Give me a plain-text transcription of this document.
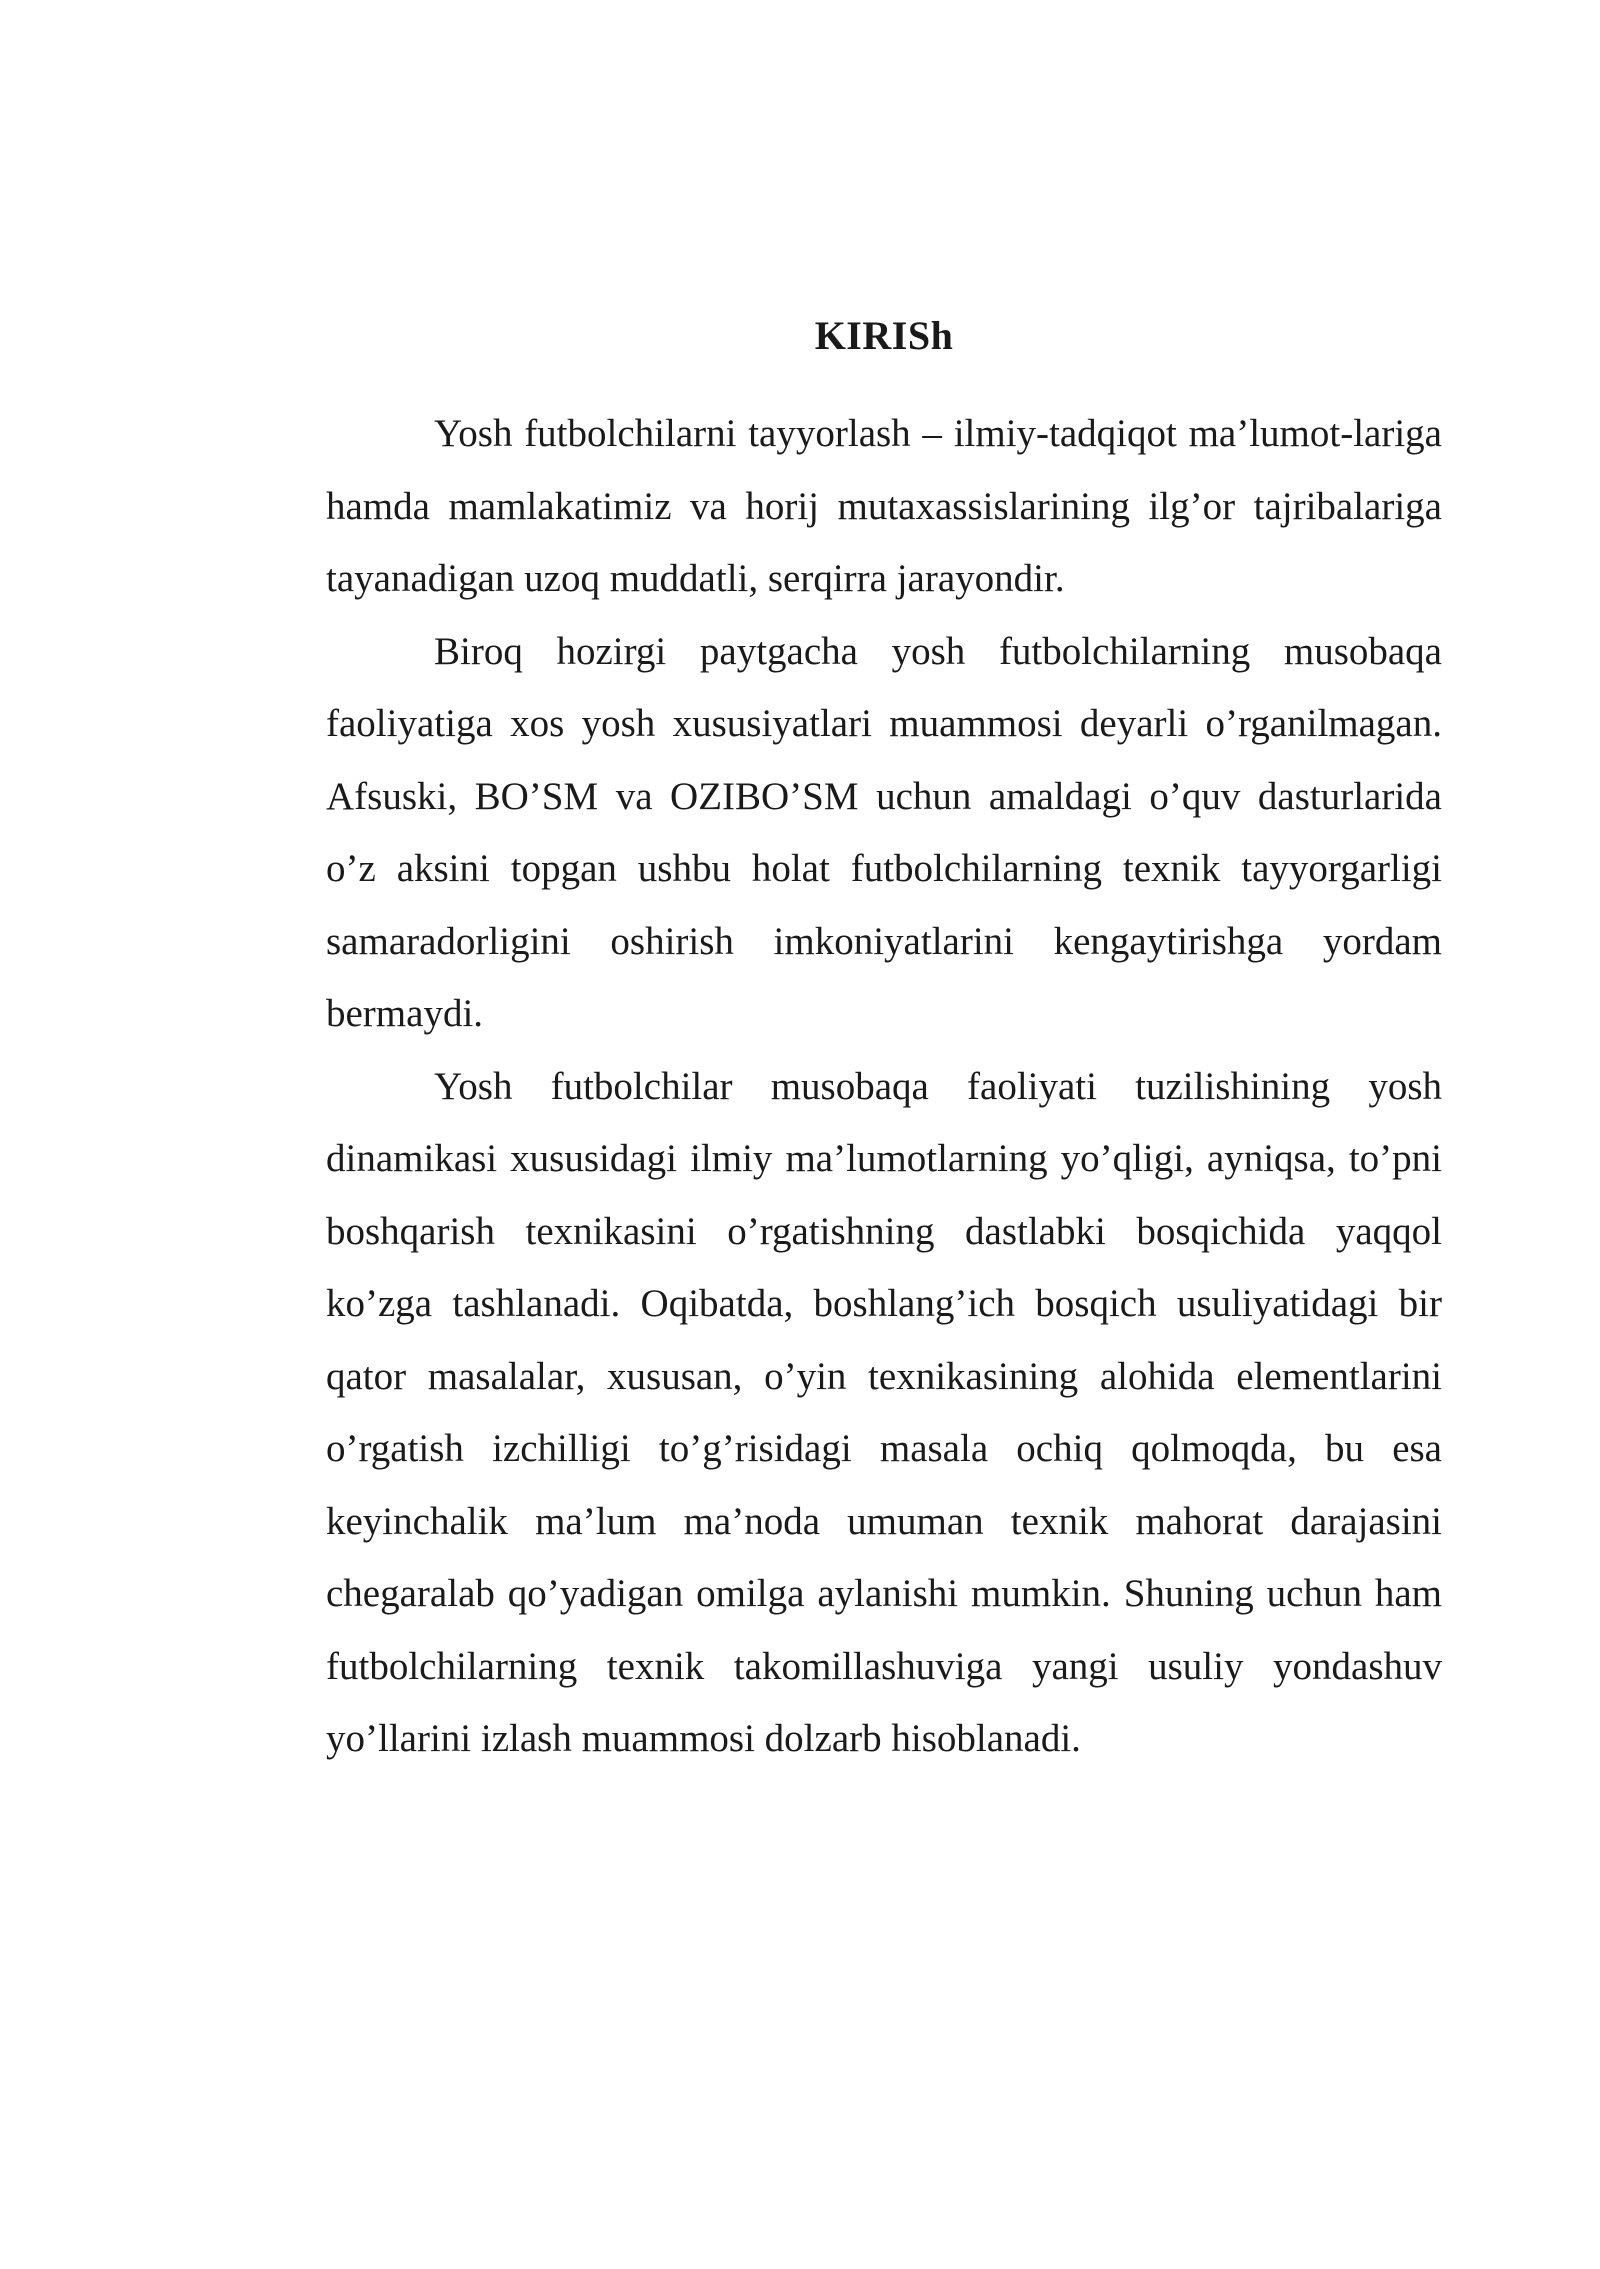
KIRISh

Yosh futbolchilarni tayyorlash – ilmiy-tadqiqot ma’lumot-lariga hamda mamlakatimiz va horij mutaxassislarining ilg’or tajribalariga tayanadigan uzoq muddatli, serqirra jarayondir.

Biroq hozirgi paytgacha yosh futbolchilarning musobaqa faoliyatiga xos yosh xususiyatlari muammosi deyarli o’rganilmagan. Afsuski, BO’SM va OZIBO’SM uchun amaldagi o’quv dasturlarida o’z aksini topgan ushbu holat futbolchilarning texnik tayyorgarligi samaradorligini oshirish imkoniyatlarini kengaytirishga yordam bermaydi.

Yosh futbolchilar musobaqa faoliyati tuzilishining yosh dinamikasi xususidagi ilmiy ma’lumotlarning yo’qligi, ayniqsa, to’pni boshqarish texnikasini o’rgatishning dastlabki bosqichida yaqqol ko’zga tashlanadi. Oqibatda, boshlang’ich bosqich usuliyatidagi bir qator masalalar, xususan, o’yin texnikasining alohida elementlarini o’rgatish izchilligi to’g’risidagi masala ochiq qolmoqda, bu esa keyinchalik ma’lum ma’noda umuman texnik mahorat darajasini chegaralab qo’yadigan omilga aylanishi mumkin. Shuning uchun ham futbolchilarning texnik takomillashuviga yangi usuliy yondashuv yo’llarini izlash muammosi dolzarb hisoblanadi.
